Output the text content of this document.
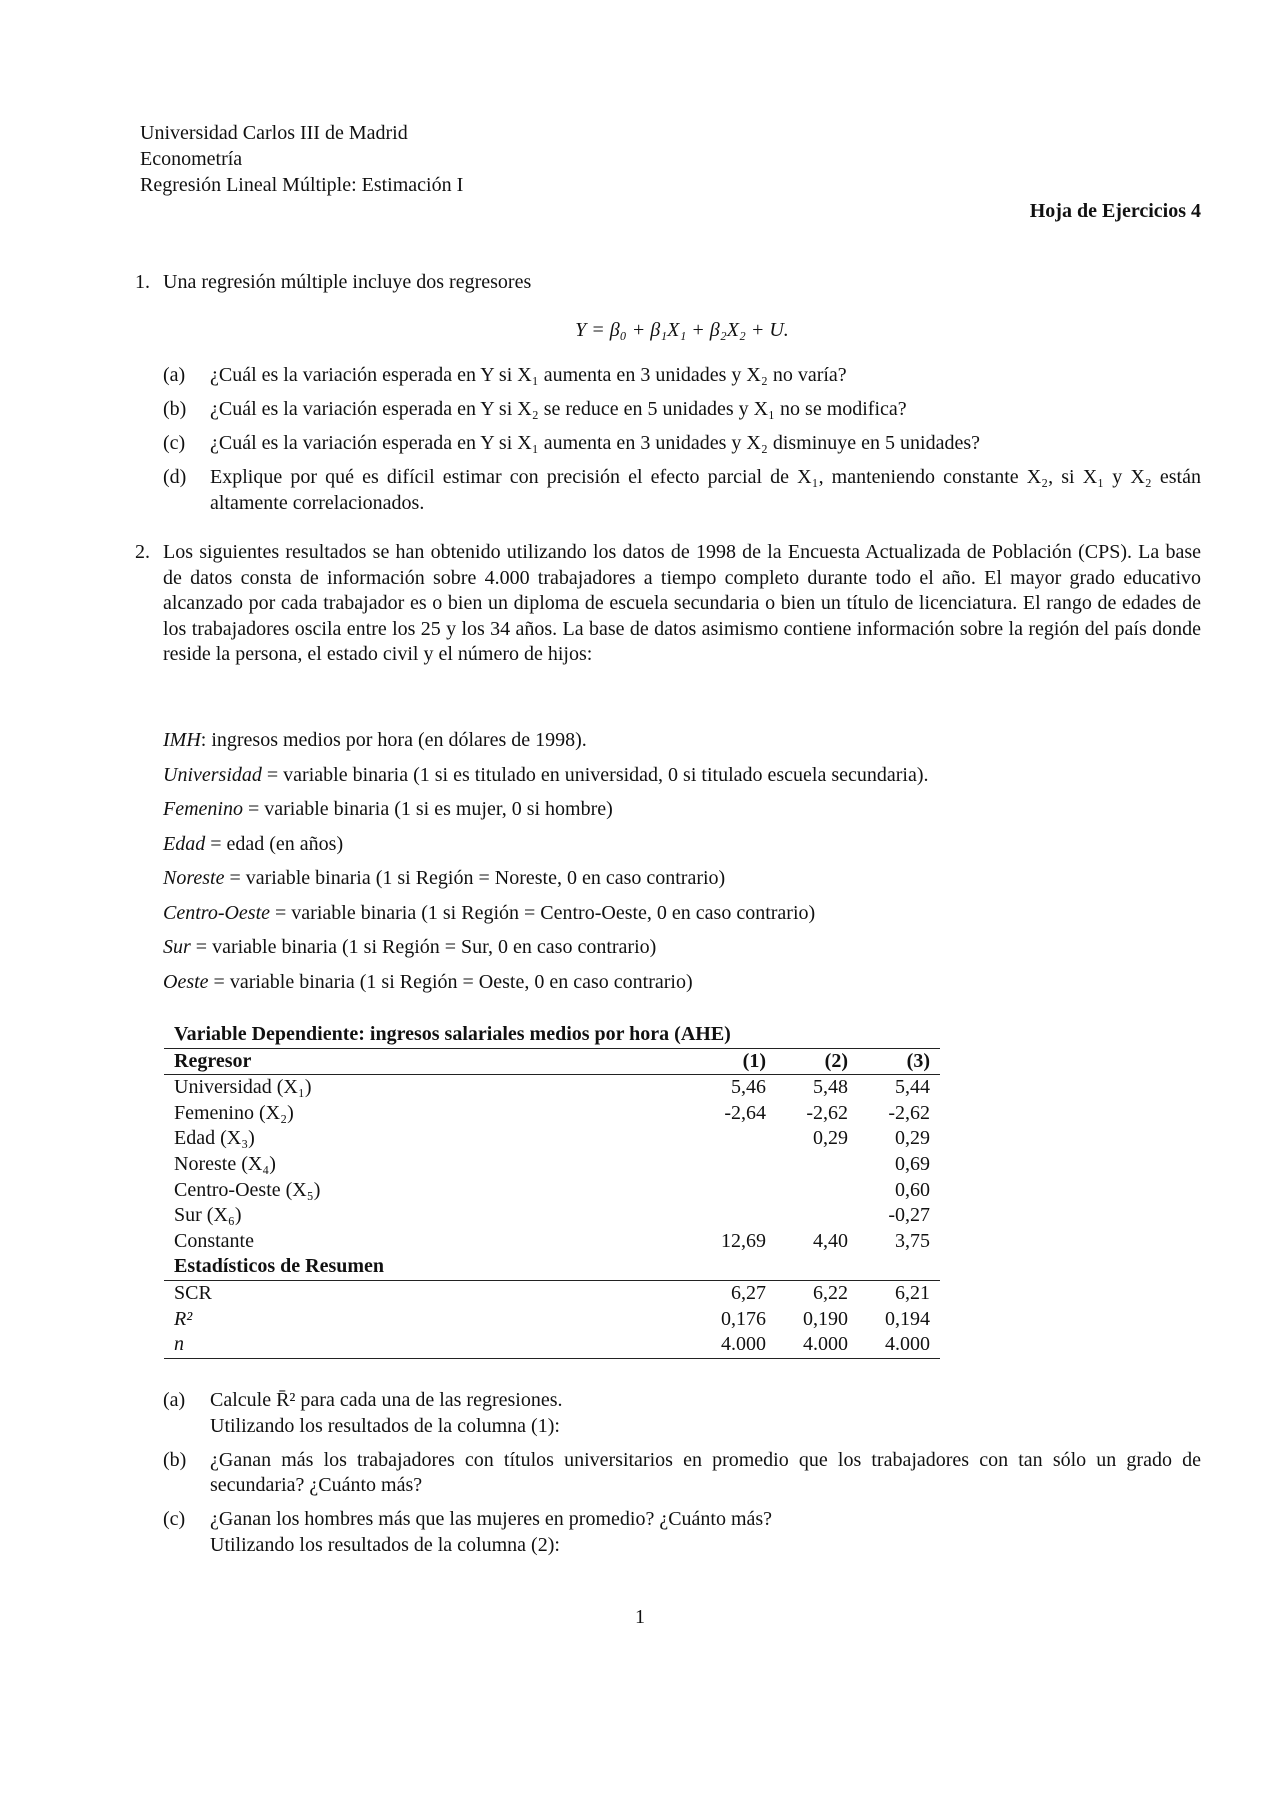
Universidad Carlos III de Madrid
Econometría
Regresión Lineal Múltiple: Estimación I
Hoja de Ejercicios 4
1. Una regresión múltiple incluye dos regresores
Y = β₀ + β₁X₁ + β₂X₂ + U.
(a) ¿Cuál es la variación esperada en Y si X₁ aumenta en 3 unidades y X₂ no varía?
(b) ¿Cuál es la variación esperada en Y si X₂ se reduce en 5 unidades y X₁ no se modifica?
(c) ¿Cuál es la variación esperada en Y si X₁ aumenta en 3 unidades y X₂ disminuye en 5 unidades?
(d) Explique por qué es difícil estimar con precisión el efecto parcial de X₁, manteniendo constante X₂, si X₁ y X₂ están altamente correlacionados.
2. Los siguientes resultados se han obtenido utilizando los datos de 1998 de la Encuesta Actualizada de Población (CPS). La base de datos consta de información sobre 4.000 trabajadores a tiempo completo durante todo el año. El mayor grado educativo alcanzado por cada trabajador es o bien un diploma de escuela secundaria o bien un título de licenciatura. El rango de edades de los trabajadores oscila entre los 25 y los 34 años. La base de datos asimismo contiene información sobre la región del país donde reside la persona, el estado civil y el número de hijos:
IMH: ingresos medios por hora (en dólares de 1998).
Universidad = variable binaria (1 si es titulado en universidad, 0 si titulado escuela secundaria).
Femenino = variable binaria (1 si es mujer, 0 si hombre)
Edad = edad (en años)
Noreste = variable binaria (1 si Región = Noreste, 0 en caso contrario)
Centro-Oeste = variable binaria (1 si Región = Centro-Oeste, 0 en caso contrario)
Sur = variable binaria (1 si Región = Sur, 0 en caso contrario)
Oeste = variable binaria (1 si Región = Oeste, 0 en caso contrario)
Variable Dependiente: ingresos salariales medios por hora (AHE)			
Regresor	(1)	(2)	(3)
Universidad (X₁)	5,46	5,48	5,44
Femenino (X₂)	-2,64	-2,62	-2,62
Edad (X₃)		0,29	0,29
Noreste (X₄)			0,69
Centro-Oeste (X₅)			0,60
Sur (X₆)			-0,27
Constante	12,69	4,40	3,75
Estadísticos de Resumen			
SCR	6,27	6,22	6,21
R²	0,176	0,190	0,194
n	4.000	4.000	4.000
(a) Calcule R̄² para cada una de las regresiones.
Utilizando los resultados de la columna (1):
(b) ¿Ganan más los trabajadores con títulos universitarios en promedio que los trabajadores con tan sólo un grado de secundaria? ¿Cuánto más?
(c) ¿Ganan los hombres más que las mujeres en promedio? ¿Cuánto más?
Utilizando los resultados de la columna (2):
1
